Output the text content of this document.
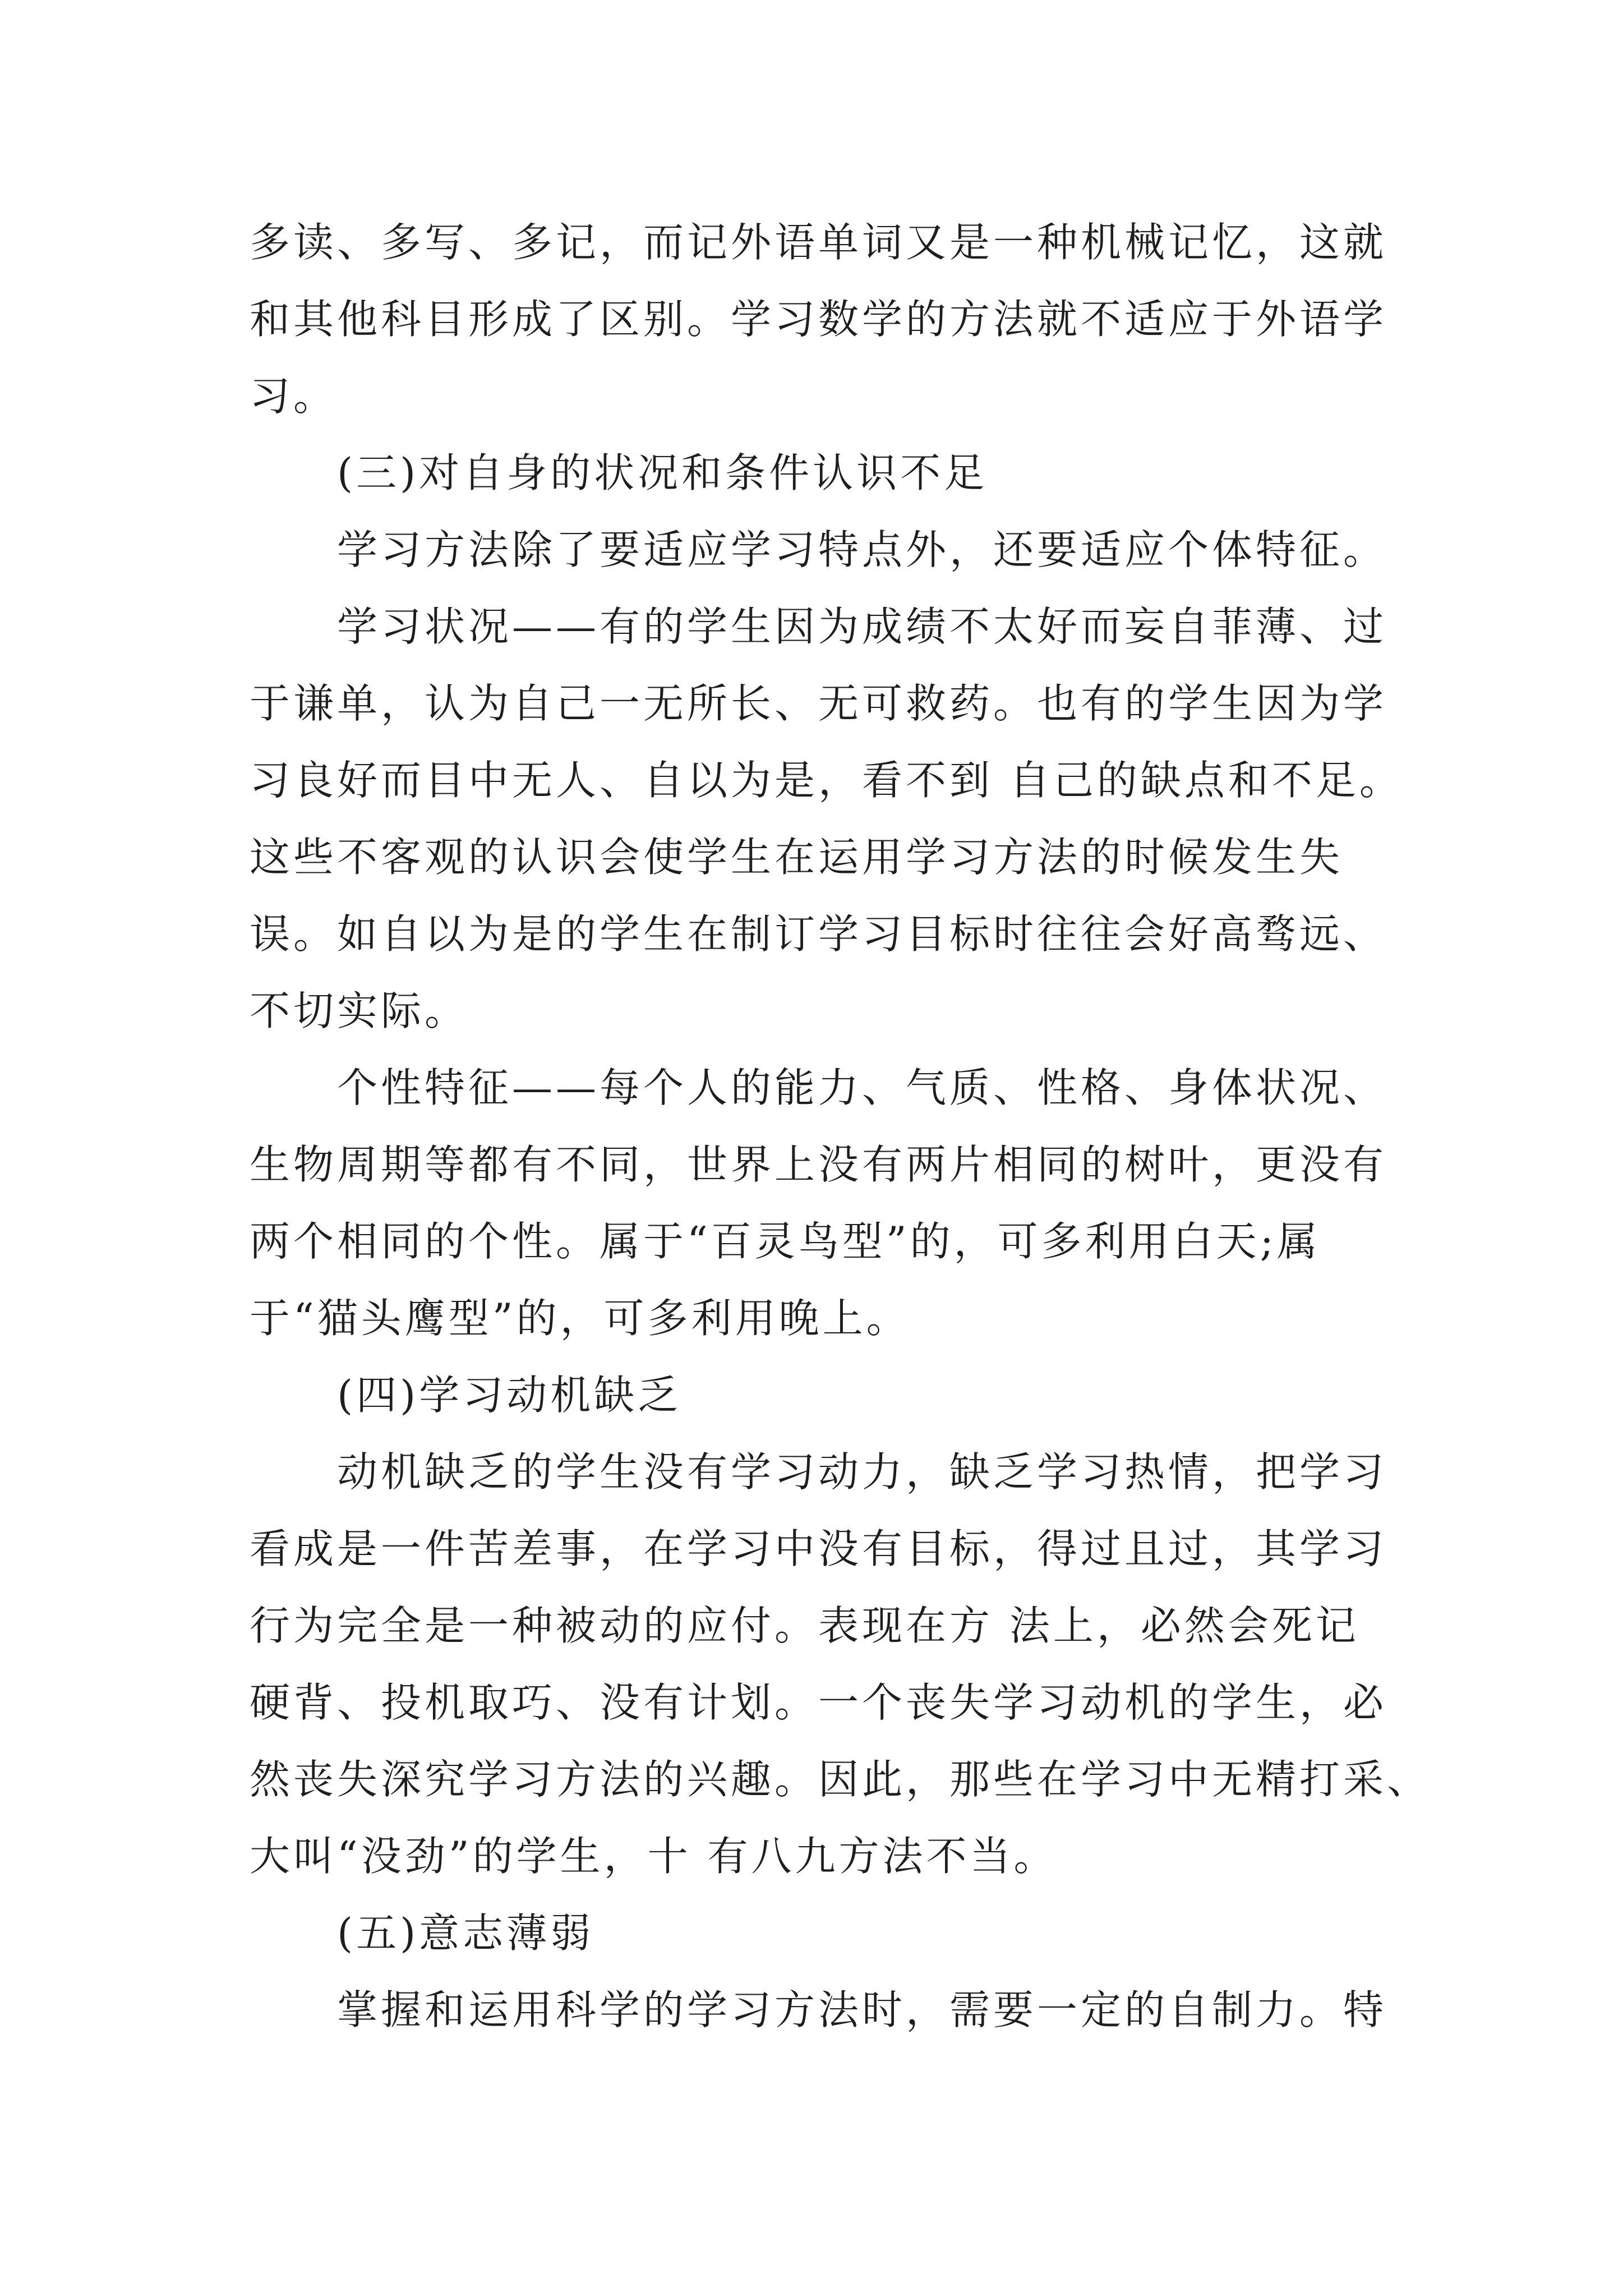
多读、多写、多记，而记外语单词又是一种机械记忆，这就
和其他科目形成了区别。学习数学的方法就不适应于外语学
习。
(三)对自身的状况和条件认识不足
学习方法除了要适应学习特点外，还要适应个体特征。
学习状况——有的学生因为成绩不太好而妄自菲薄、过
于谦单，认为自己一无所长、无可救药。也有的学生因为学
习良好而目中无人、自以为是，看不到 自己的缺点和不足。
这些不客观的认识会使学生在运用学习方法的时候发生失
误。如自以为是的学生在制订学习目标时往往会好高骛远、
不切实际。
个性特征——每个人的能力、气质、性格、身体状况、
生物周期等都有不同，世界上没有两片相同的树叶，更没有
两个相同的个性。属于“百灵鸟型”的，可多利用白天;属
于“猫头鹰型”的，可多利用晚上。
(四)学习动机缺乏
动机缺乏的学生没有学习动力，缺乏学习热情，把学习
看成是一件苦差事，在学习中没有目标，得过且过，其学习
行为完全是一种被动的应付。表现在方 法上，必然会死记
硬背、投机取巧、没有计划。一个丧失学习动机的学生，必
然丧失深究学习方法的兴趣。因此，那些在学习中无精打采、
大叫“没劲”的学生，十 有八九方法不当。
(五)意志薄弱
掌握和运用科学的学习方法时，需要一定的自制力。特
